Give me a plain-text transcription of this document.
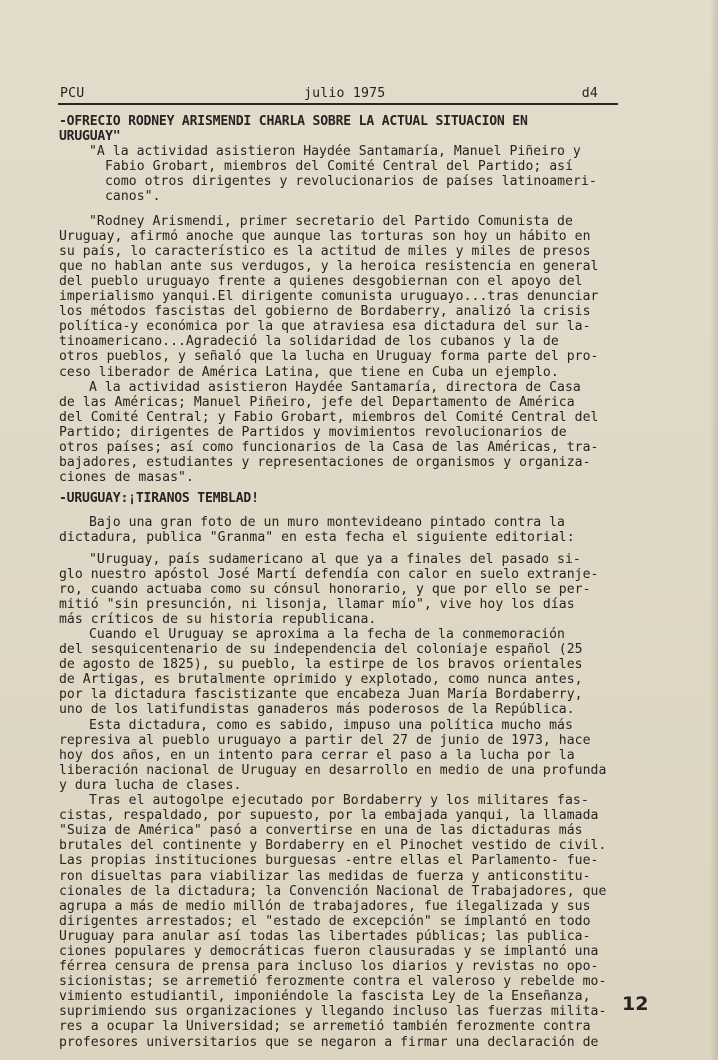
PCU	julio 1975	d4
-OFRECIO RODNEY ARISMENDI CHARLA SOBRE LA ACTUAL SITUACION EN
URUGUAY"
"A la actividad asistieron Haydée Santamaría, Manuel Piñeiro y
Fabio Grobart, miembros del Comité Central del Partido; así
como otros dirigentes y revolucionarios de países latinoameri-
canos".
"Rodney Arismendi, primer secretario del Partido Comunista de
Uruguay, afirmó anoche que aunque las torturas son hoy un hábito en
su país, lo característico es la actitud de miles y miles de presos
que no hablan ante sus verdugos, y la heroica resistencia en general
del pueblo uruguayo frente a quienes desgobiernan con el apoyo del
imperialismo yanqui.El dirigente comunista uruguayo...tras denunciar
los métodos fascistas del gobierno de Bordaberry, analizó la crisis
política-y económica por la que atraviesa esa dictadura del sur la-
tinoamericano...Agradeció la solidaridad de los cubanos y la de
otros pueblos, y señaló que la lucha en Uruguay forma parte del pro-
ceso liberador de América Latina, que tiene en Cuba un ejemplo.
A la actividad asistieron Haydée Santamaría, directora de Casa
de las Américas; Manuel Piñeiro, jefe del Departamento de América
del Comité Central; y Fabio Grobart, miembros del Comité Central del
Partido; dirigentes de Partidos y movimientos revolucionarios de
otros países; así como funcionarios de la Casa de las Américas, tra-
bajadores, estudiantes y representaciones de organismos y organiza-
ciones de masas".
-URUGUAY:¡TIRANOS TEMBLAD!
Bajo una gran foto de un muro montevideano pintado contra la
dictadura, publica "Granma" en esta fecha el siguiente editorial:
"Uruguay, país sudamericano al que ya a finales del pasado si-
glo nuestro apóstol José Martí defendía con calor en suelo extranje-
ro, cuando actuaba como su cónsul honorario, y que por ello se per-
mitió "sin presunción, ni lisonja, llamar mío", vive hoy los días
más críticos de su historia republicana.
Cuando el Uruguay se aproxima a la fecha de la conmemoración
del sesquicentenario de su independencia del coloniaje español (25
de agosto de 1825), su pueblo, la estirpe de los bravos orientales
de Artigas, es brutalmente oprimido y explotado, como nunca antes,
por la dictadura fascistizante que encabeza Juan María Bordaberry,
uno de los latifundistas ganaderos más poderosos de la República.
Esta dictadura, como es sabido, impuso una política mucho más
represiva al pueblo uruguayo a partir del 27 de junio de 1973, hace
hoy dos años, en un intento para cerrar el paso a la lucha por la
liberación nacional de Uruguay en desarrollo en medio de una profunda
y dura lucha de clases.
Tras el autogolpe ejecutado por Bordaberry y los militares fas-
cistas, respaldado, por supuesto, por la embajada yanqui, la llamada
"Suiza de América" pasó a convertirse en una de las dictaduras más
brutales del continente y Bordaberry en el Pinochet vestido de civil.
Las propias instituciones burguesas -entre ellas el Parlamento- fue-
ron disueltas para viabilizar las medidas de fuerza y anticonstitu-
cionales de la dictadura; la Convención Nacional de Trabajadores, que
agrupa a más de medio millón de trabajadores, fue ilegalizada y sus
dirigentes arrestados; el "estado de excepción" se implantó en todo
Uruguay para anular así todas las libertades públicas; las publica-
ciones populares y democráticas fueron clausuradas y se implantó una
férrea censura de prensa para incluso los diarios y revistas no opo-
sicionistas; se arremetió ferozmente contra el valeroso y rebelde mo-
vimiento estudiantil, imponiéndole la fascista Ley de la Enseñanza,
suprimiendo sus organizaciones y llegando incluso las fuerzas milita-
res a ocupar la Universidad; se arremetió también ferozmente contra
profesores universitarios que se negaron a firmar una declaración de
12
